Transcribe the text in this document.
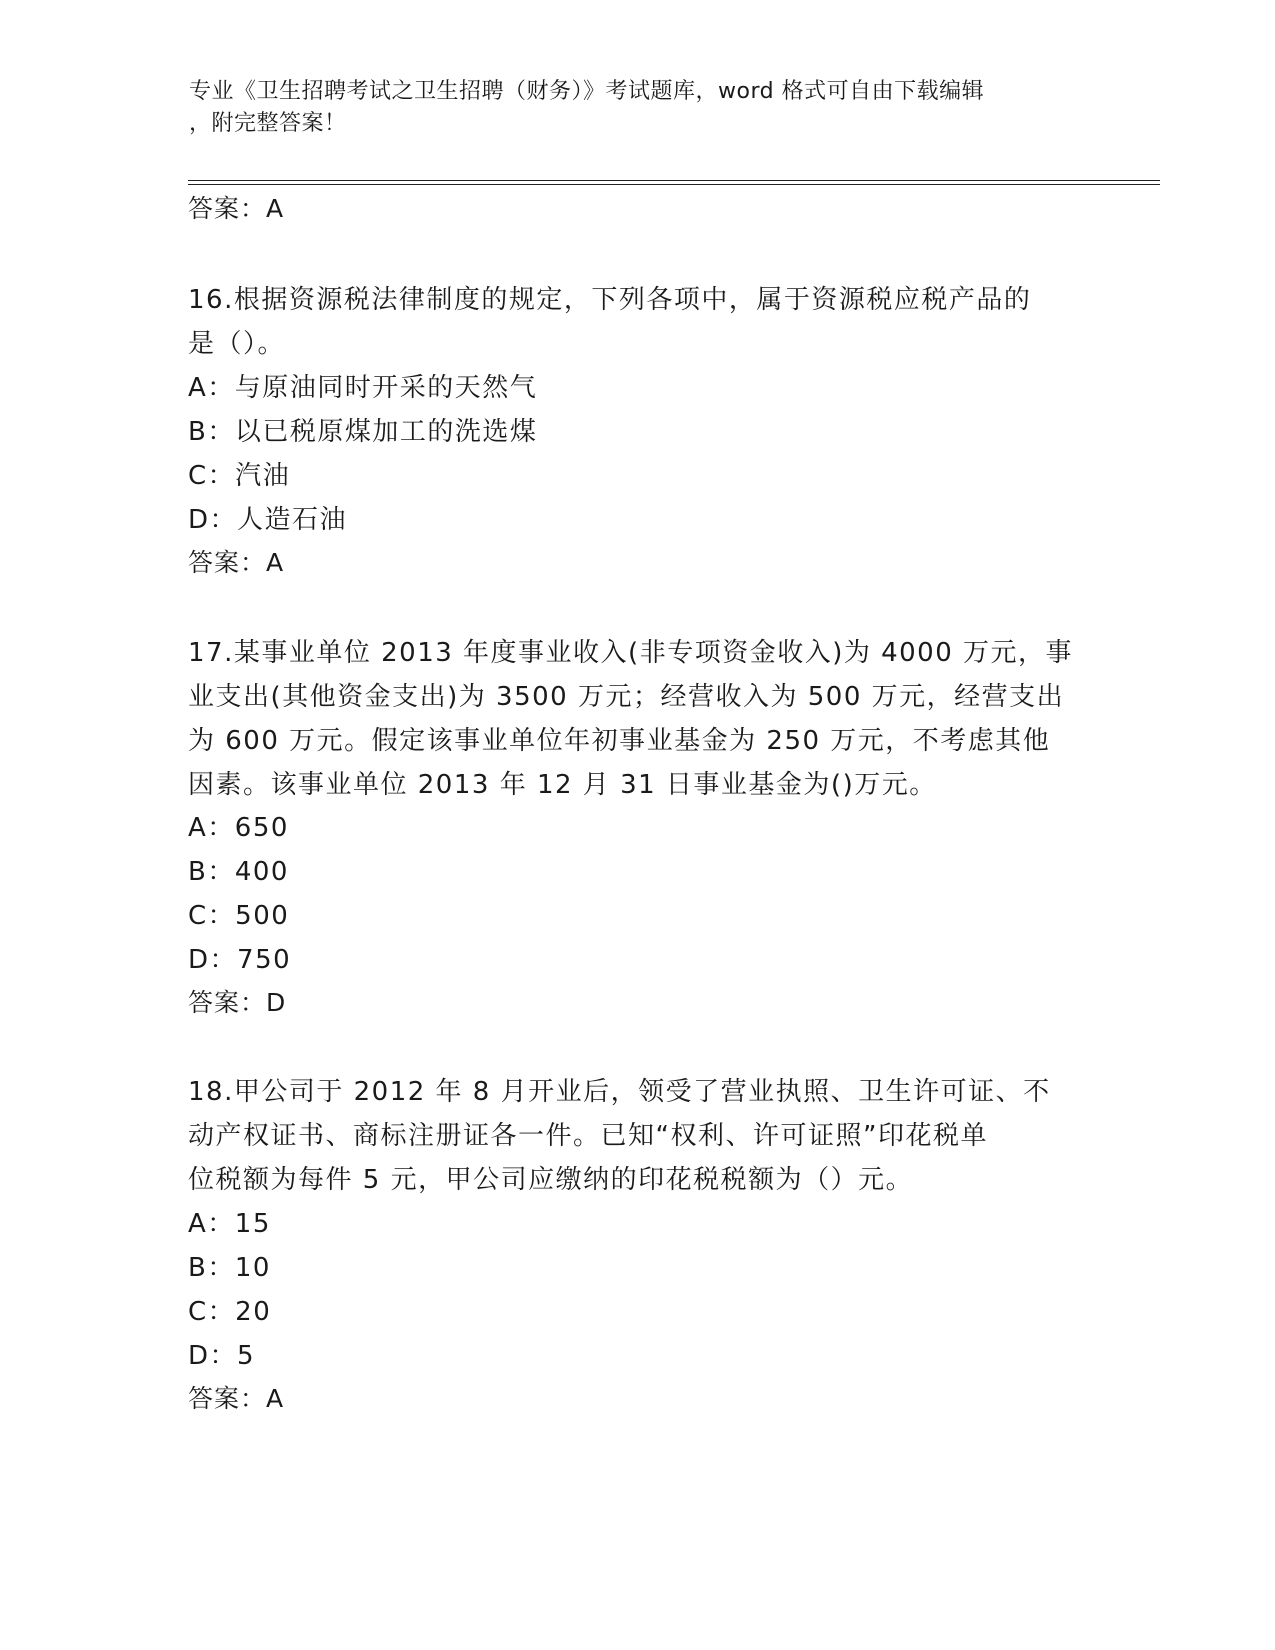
专业《卫生招聘考试之卫生招聘（财务）》考试题库，word 格式可自由下载编辑
，附完整答案！
答案：A
16.根据资源税法律制度的规定，下列各项中，属于资源税应税产品的
是（）。
A：与原油同时开采的天然气
B：以已税原煤加工的洗选煤
C：汽油
D：人造石油
答案：A
17.某事业单位 2013 年度事业收入(非专项资金收入)为 4000 万元，事
业支出(其他资金支出)为 3500 万元；经营收入为 500 万元，经营支出
为 600 万元。假定该事业单位年初事业基金为 250 万元，不考虑其他
因素。该事业单位 2013 年 12 月 31 日事业基金为()万元。
A：650
B：400
C：500
D：750
答案：D
18.甲公司于 2012 年 8 月开业后，领受了营业执照、卫生许可证、不
动产权证书、商标注册证各一件。已知“权利、许可证照”印花税单
位税额为每件 5 元，甲公司应缴纳的印花税税额为（）元。
A：15
B：10
C：20
D：5
答案：A
